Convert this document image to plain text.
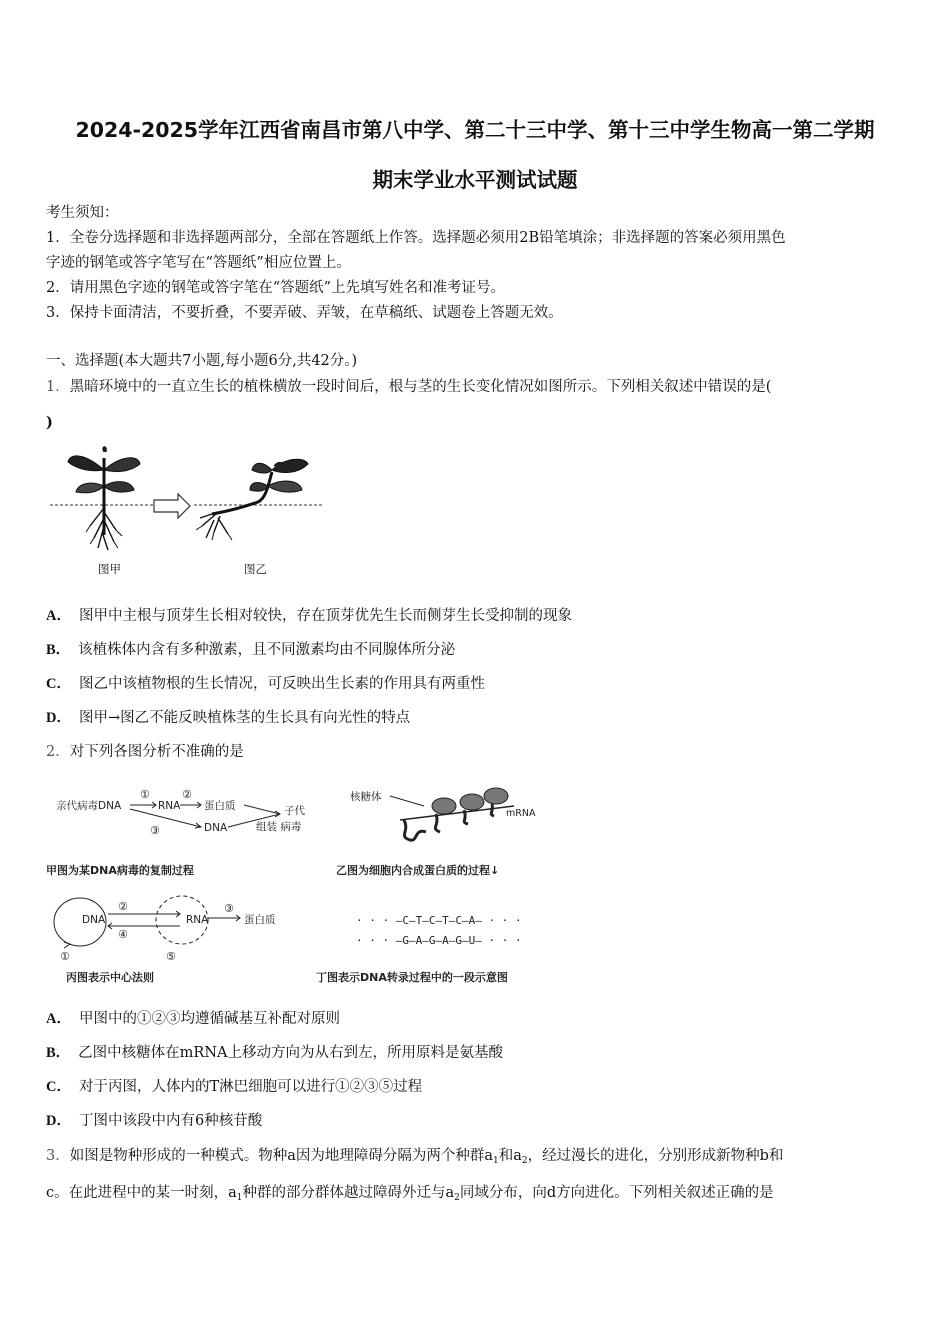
2024-2025学年江西省南昌市第八中学、第二十三中学、第十三中学生物高一第二学期
期末学业水平测试试题
考生须知：
1．全卷分选择题和非选择题两部分，全部在答题纸上作答。选择题必须用2B铅笔填涂；非选择题的答案必须用黑色
字迹的钢笔或答字笔写在“答题纸”相应位置上。
2．请用黑色字迹的钢笔或答字笔在“答题纸”上先填写姓名和准考证号。
3．保持卡面清洁，不要折叠，不要弄破、弄皱，在草稿纸、试题卷上答题无效。
一、选择题(本大题共7小题,每小题6分,共42分。)
1．黑暗环境中的一直立生长的植株横放一段时间后，根与茎的生长变化情况如图所示。下列相关叙述中错误的是(
)
图甲	图乙
A． 图甲中主根与顶芽生长相对较快，存在顶芽优先生长而侧芽生长受抑制的现象
B． 该植株体内含有多种激素，且不同激素均由不同腺体所分泌
C． 图乙中该植物根的生长情况，可反映出生长素的作用具有两重性
D． 图甲→图乙不能反映植株茎的生长具有向光性的特点
2．对下列各图分析不准确的是
亲代病毒DNA	RNA 蛋白质
DNA
子代
组装 病毒
①	②
③
甲图为某DNA病毒的复制过程
核糖体
mRNA
乙图为细胞内合成蛋白质的过程↓
DNA	RNA	蛋白质
②
④
③
①	⑤
丙图表示中心法则
· · · —C—T—C—T—C—A— · · ·
· · · —G—A—G—A—G—U— · · ·
丁图表示DNA转录过程中的一段示意图
A． 甲图中的①②③均遵循碱基互补配对原则
B． 乙图中核糖体在mRNA上移动方向为从右到左，所用原料是氨基酸
C． 对于丙图，人体内的T淋巴细胞可以进行①②③⑤过程
D． 丁图中该段中内有6种核苷酸
3．如图是物种形成的一种模式。物种a因为地理障碍分隔为两个种群$a_1$和$a_2$，经过漫长的进化，分别形成新物种b和
c。在此进程中的某一时刻，$a_1$种群的部分群体越过障碍外迁与$a_2$同域分布，向d方向进化。下列相关叙述正确的是
